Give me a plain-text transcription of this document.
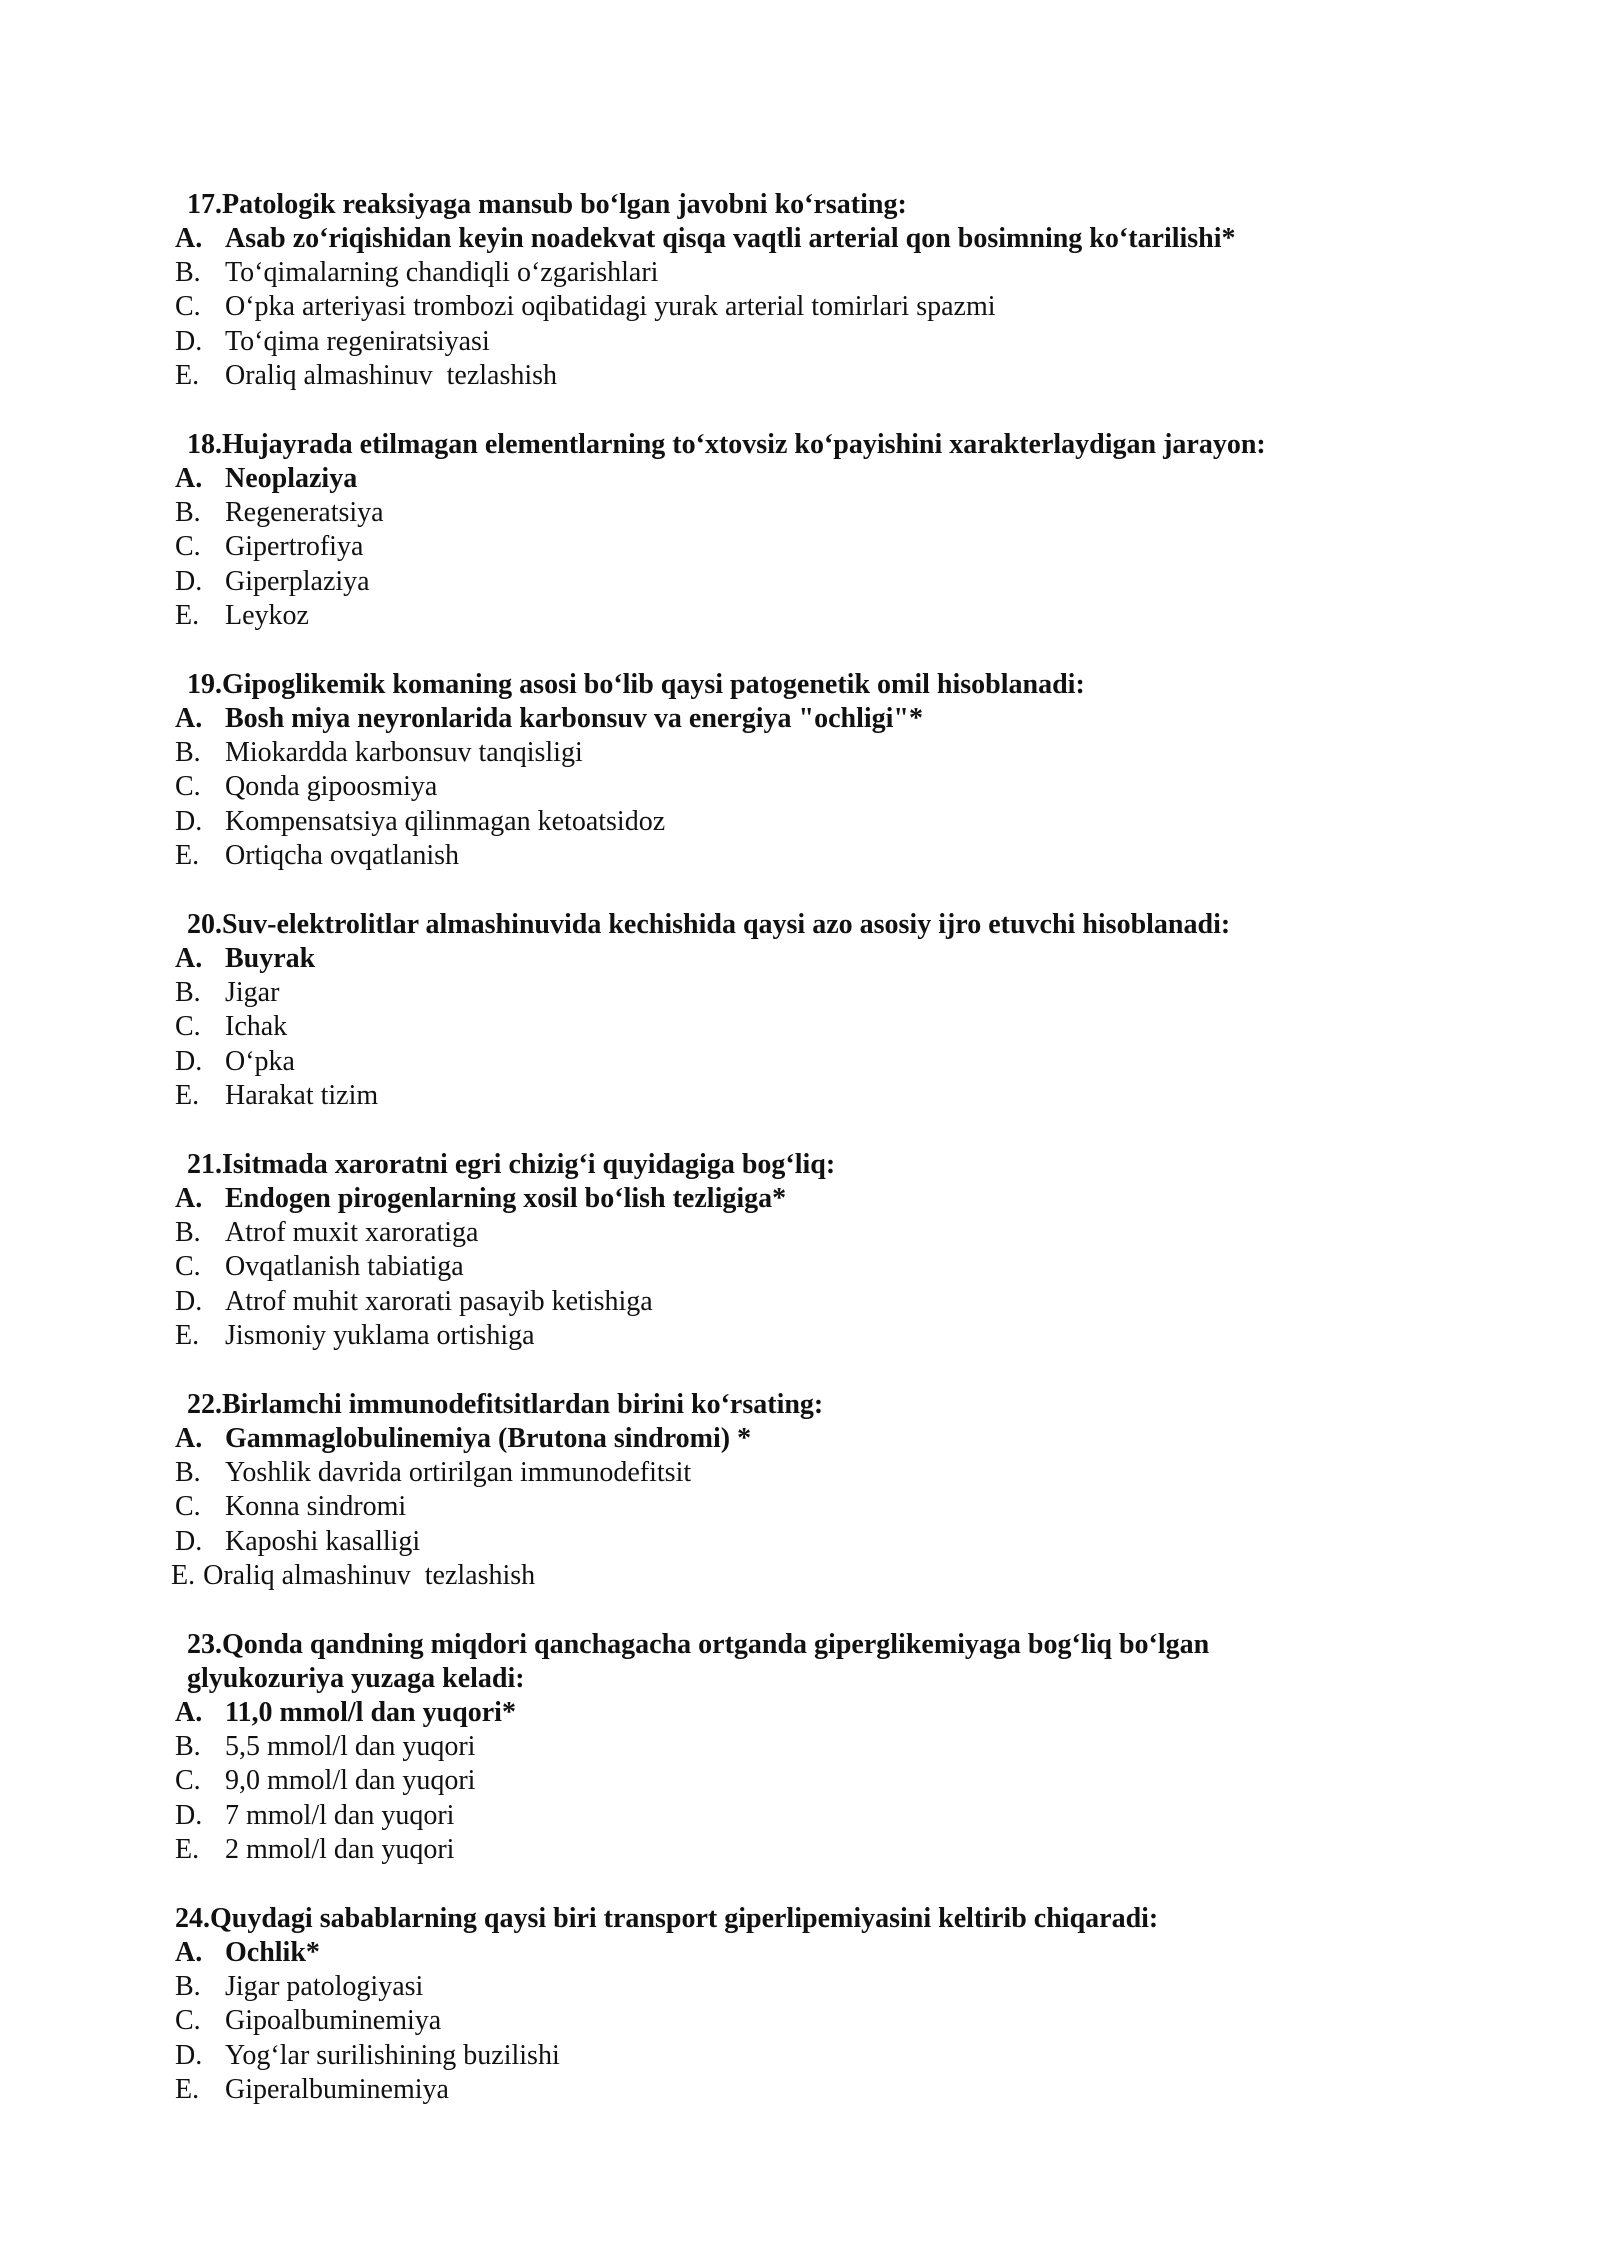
17.Patologik reaksiyaga mansub bo‘lgan javobni ko‘rsating:
A. Asab zo‘riqishidan keyin noadekvat qisqa vaqtli arterial qon bosimning ko‘tarilishi*
B. To‘qimalarning chandiqli o‘zgarishlari
C. O‘pka arteriyasi trombozi oqibatidagi yurak arterial tomirlari spazmi
D. To‘qima regeniratsiyasi
E. Oraliq almashinuv  tezlashish
18.Hujayrada etilmagan elementlarning to‘xtovsiz ko‘payishini xarakterlaydigan jarayon:
A. Neoplaziya
B. Regeneratsiya
C. Gipertrofiya
D. Giperplaziya
E. Leykoz
19.Gipoglikemik komaning asosi bo‘lib qaysi patogenetik omil hisoblanadi:
A. Bosh miya neyronlarida karbonsuv va energiya "ochligi"*
B. Miokardda karbonsuv tanqisligi
C. Qonda gipoosmiya
D. Kompensatsiya qilinmagan ketoatsidoz
E. Ortiqcha ovqatlanish
20.Suv-elektrolitlar almashinuvida kechishida qaysi azo asosiy ijro etuvchi hisoblanadi:
A. Buyrak
B. Jigar
C. Ichak
D. O‘pka
E. Harakat tizim
21.Isitmada xaroratni egri chizig‘i quyidagiga bog‘liq:
A. Endogen pirogenlarning xosil bo‘lish tezligiga*
B. Atrof muxit xaroratiga
C. Ovqatlanish tabiatiga
D. Atrof muhit xarorati pasayib ketishiga
E. Jismoniy yuklama ortishiga
22.Birlamchi immunodefitsitlardan birini ko‘rsating:
A. Gammaglobulinemiya (Brutona sindromi) *
B. Yoshlik davrida ortirilgan immunodefitsit
C. Konna sindromi
D. Kaposhi kasalligi
E. Oraliq almashinuv  tezlashish
23.Qonda qandning miqdori qanchagacha ortganda giperglikemiyaga bog‘liq bo‘lgan
glyukozuriya yuzaga keladi:
A. 11,0 mmol/l dan yuqori*
B. 5,5 mmol/l dan yuqori
C. 9,0 mmol/l dan yuqori
D. 7 mmol/l dan yuqori
E. 2 mmol/l dan yuqori
24.Quydagi sabablarning qaysi biri transport giperlipemiyasini keltirib chiqaradi:
A. Ochlik*
B. Jigar patologiyasi
C. Gipoalbuminemiya
D. Yog‘lar surilishining buzilishi
E. Giperalbuminemiya
